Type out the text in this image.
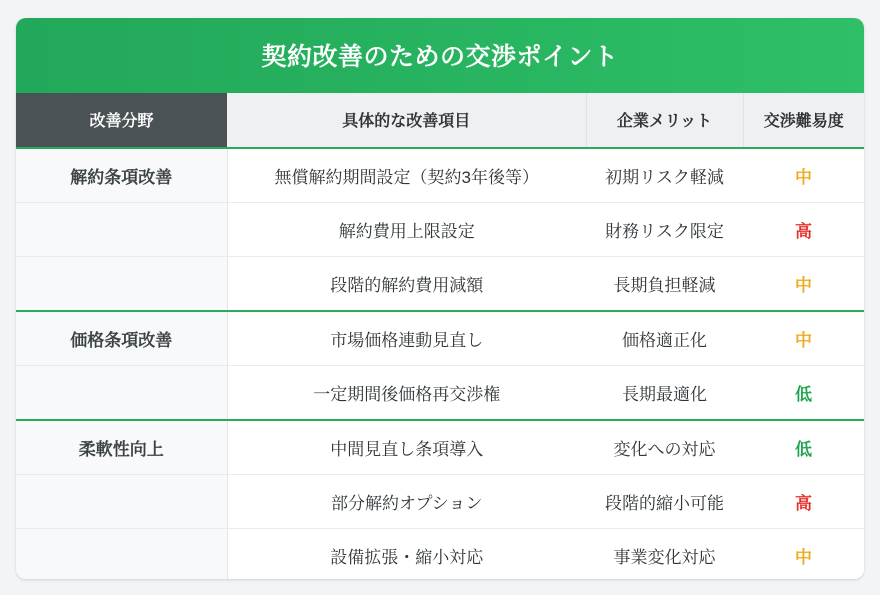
契約改善のための交渉ポイント
改善分野	具体的な改善項目	企業メリット	交渉難易度
解約条項改善	無償解約期間設定（契約3年後等）	初期リスク軽減	中
	解約費用上限設定	財務リスク限定	高
	段階的解約費用減額	長期負担軽減	中
価格条項改善	市場価格連動見直し	価格適正化	中
	一定期間後価格再交渉権	長期最適化	低
柔軟性向上	中間見直し条項導入	変化への対応	低
	部分解約オプション	段階的縮小可能	高
	設備拡張・縮小対応	事業変化対応	中
